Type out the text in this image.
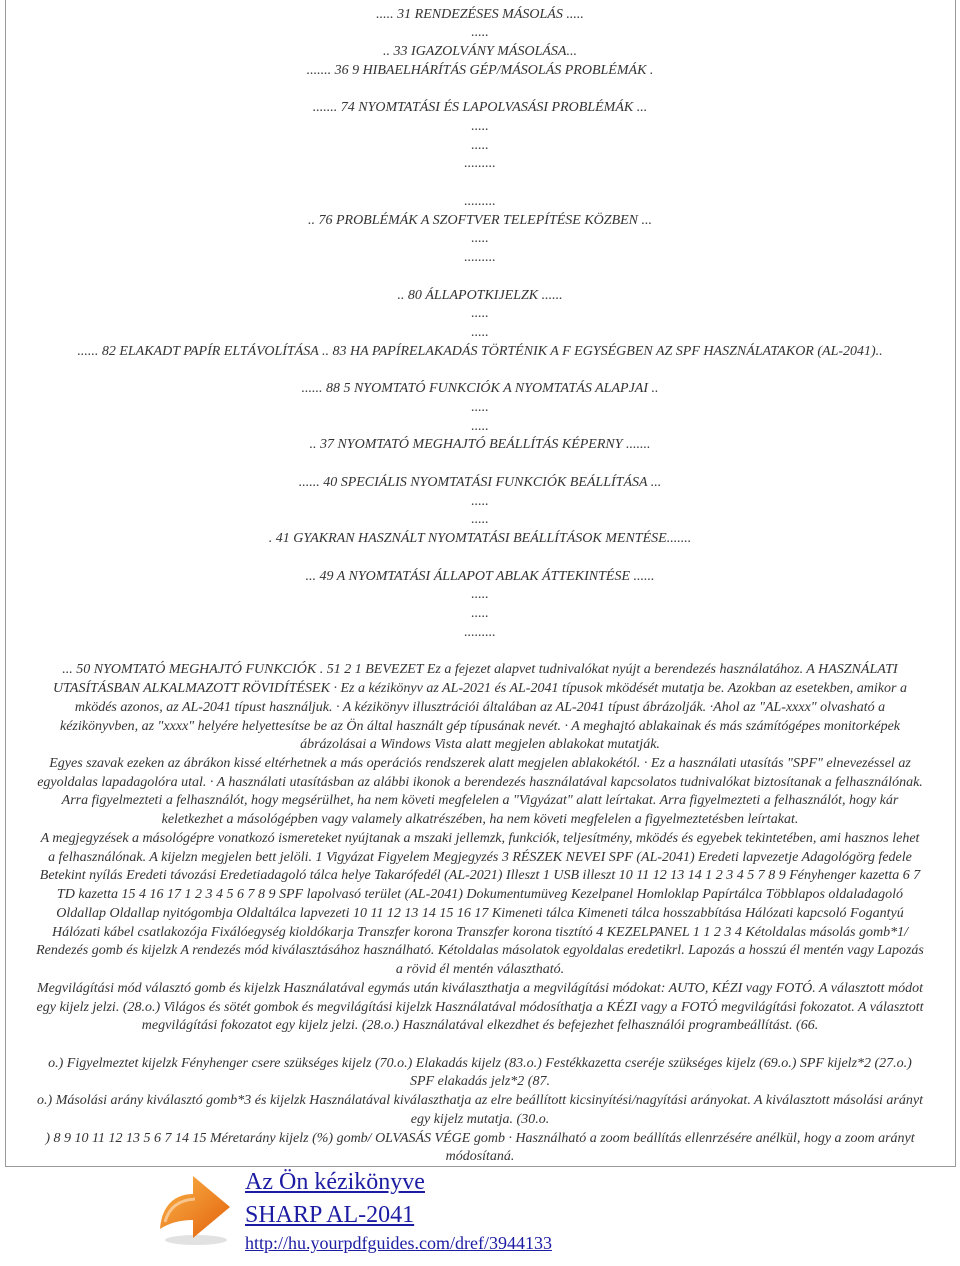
..... 31 RENDEZÉSES MÁSOLÁS .....
.....
.. 33 IGAZOLVÁNY MÁSOLÁSA...
....... 36 9 HIBAELHÁRÍTÁS GÉP/MÁSOLÁS PROBLÉMÁK .
....... 74 NYOMTATÁSI ÉS LAPOLVASÁSI PROBLÉMÁK ...
.....
.....
.........
.........
.. 76 PROBLÉMÁK A SZOFTVER TELEPÍTÉSE KÖZBEN ...
.....
.........
.. 80 ÁLLAPOTKIJELZK ......
.....
.....
...... 82 ELAKADT PAPÍR ELTÁVOLÍTÁSA .. 83 HA PAPÍRELAKADÁS TÖRTÉNIK A F EGYSÉGBEN AZ SPF HASZNÁLATAKOR (AL-2041)..
...... 88 5 NYOMTATÓ FUNKCIÓK A NYOMTATÁS ALAPJAI ..
.....
.....
.. 37 NYOMTATÓ MEGHAJTÓ BEÁLLÍTÁS KÉPERNY .......
...... 40 SPECIÁLIS NYOMTATÁSI FUNKCIÓK BEÁLLÍTÁSA ...
.....
.....
. 41 GYAKRAN HASZNÁLT NYOMTATÁSI BEÁLLÍTÁSOK MENTÉSE.......
... 49 A NYOMTATÁSI ÁLLAPOT ABLAK ÁTTEKINTÉSE ......
.....
.....
.........
... 50 NYOMTATÓ MEGHAJTÓ FUNKCIÓK . 51 2 1 BEVEZET Ez a fejezet alapvet tudnivalókat nyújt a berendezés használatához. A HASZNÁLATI
UTASÍTÁSBAN ALKALMAZOTT RÖVIDÍTÉSEK · Ez a kézikönyv az AL-2021 és AL-2041 típusok mködését mutatja be. Azokban az esetekben, amikor a
mködés azonos, az AL-2041 típust használjuk. · A kézikönyv illusztrációi általában az AL-2041 típust ábrázolják. ·Ahol az "AL-xxxx" olvasható a
kézikönyvben, az "xxxx" helyére helyettesítse be az Ön által használt gép típusának nevét. · A meghajtó ablakainak és más számítógépes monitorképek
ábrázolásai a Windows Vista alatt megjelen ablakokat mutatják.
Egyes szavak ezeken az ábrákon kissé eltérhetnek a más operációs rendszerek alatt megjelen ablakokétól. · Ez a használati utasítás "SPF" elnevezéssel az
egyoldalas lapadagolóra utal. · A használati utasításban az alábbi ikonok a berendezés használatával kapcsolatos tudnivalókat biztosítanak a felhasználónak.
Arra figyelmezteti a felhasználót, hogy megsérülhet, ha nem követi megfelelen a "Vigyázat" alatt leírtakat. Arra figyelmezteti a felhasználót, hogy kár
keletkezhet a másológépben vagy valamely alkatrészében, ha nem követi megfelelen a figyelmeztetésben leírtakat.
A megjegyzések a másológépre vonatkozó ismereteket nyújtanak a mszaki jellemzk, funkciók, teljesítmény, mködés és egyebek tekintetében, ami hasznos lehet
a felhasználónak. A kijelzn megjelen bett jelöli. 1 Vigyázat Figyelem Megjegyzés 3 RÉSZEK NEVEI SPF (AL-2041) Eredeti lapvezetje Adagológörg fedele
Betekint nyílás Eredeti távozási Eredetiadagoló tálca helye Takarófedél (AL-2021) Illeszt 1 USB illeszt 10 11 12 13 14 1 2 3 4 5 7 8 9 Fényhenger kazetta 6 7
TD kazetta 15 4 16 17 1 2 3 4 5 6 7 8 9 SPF lapolvasó terület (AL-2041) Dokumentumüveg Kezelpanel Homloklap Papírtálca Többlapos oldaladagoló
Oldallap Oldallap nyitógombja Oldaltálca lapvezeti 10 11 12 13 14 15 16 17 Kimeneti tálca Kimeneti tálca hosszabbítása Hálózati kapcsoló Fogantyú
Hálózati kábel csatlakozója Fixálóegység kioldókarja Transzfer korona Transzfer korona tisztító 4 KEZELPANEL 1 1 2 3 4 Kétoldalas másolás gomb*1/
Rendezés gomb és kijelzk A rendezés mód kiválasztásához használható. Kétoldalas másolatok egyoldalas eredetikrl. Lapozás a hosszú él mentén vagy Lapozás
a rövid él mentén választható.
Megvilágítási mód választó gomb és kijelzk Használatával egymás után kiválaszthatja a megvilágítási módokat: AUTO, KÉZI vagy FOTÓ. A választott módot
egy kijelz jelzi. (28.o.) Világos és sötét gombok és megvilágítási kijelzk Használatával módosíthatja a KÉZI vagy a FOTÓ megvilágítási fokozatot. A választott
megvilágítási fokozatot egy kijelz jelzi. (28.o.) Használatával elkezdhet és befejezhet felhasználói programbeállítást. (66.
o.) Figyelmeztet kijelzk Fényhenger csere szükséges kijelz (70.o.) Elakadás kijelz (83.o.) Festékkazetta cseréje szükséges kijelz (69.o.) SPF kijelz*2 (27.o.)
SPF elakadás jelz*2 (87.
o.) Másolási arány kiválasztó gomb*3 és kijelzk Használatával kiválaszthatja az elre beállított kicsinyítési/nagyítási arányokat. A kiválasztott másolási arányt
egy kijelz mutatja. (30.o.
) 8 9 10 11 12 13 5 6 7 14 15 Méretarány kijelz (%) gomb/ OLVASÁS VÉGE gomb · Használható a zoom beállítás ellenrzésére anélkül, hogy a zoom arányt
módosítaná.
Az Ön kézikönyve
SHARP AL-2041
http://hu.yourpdfguides.com/dref/3944133
